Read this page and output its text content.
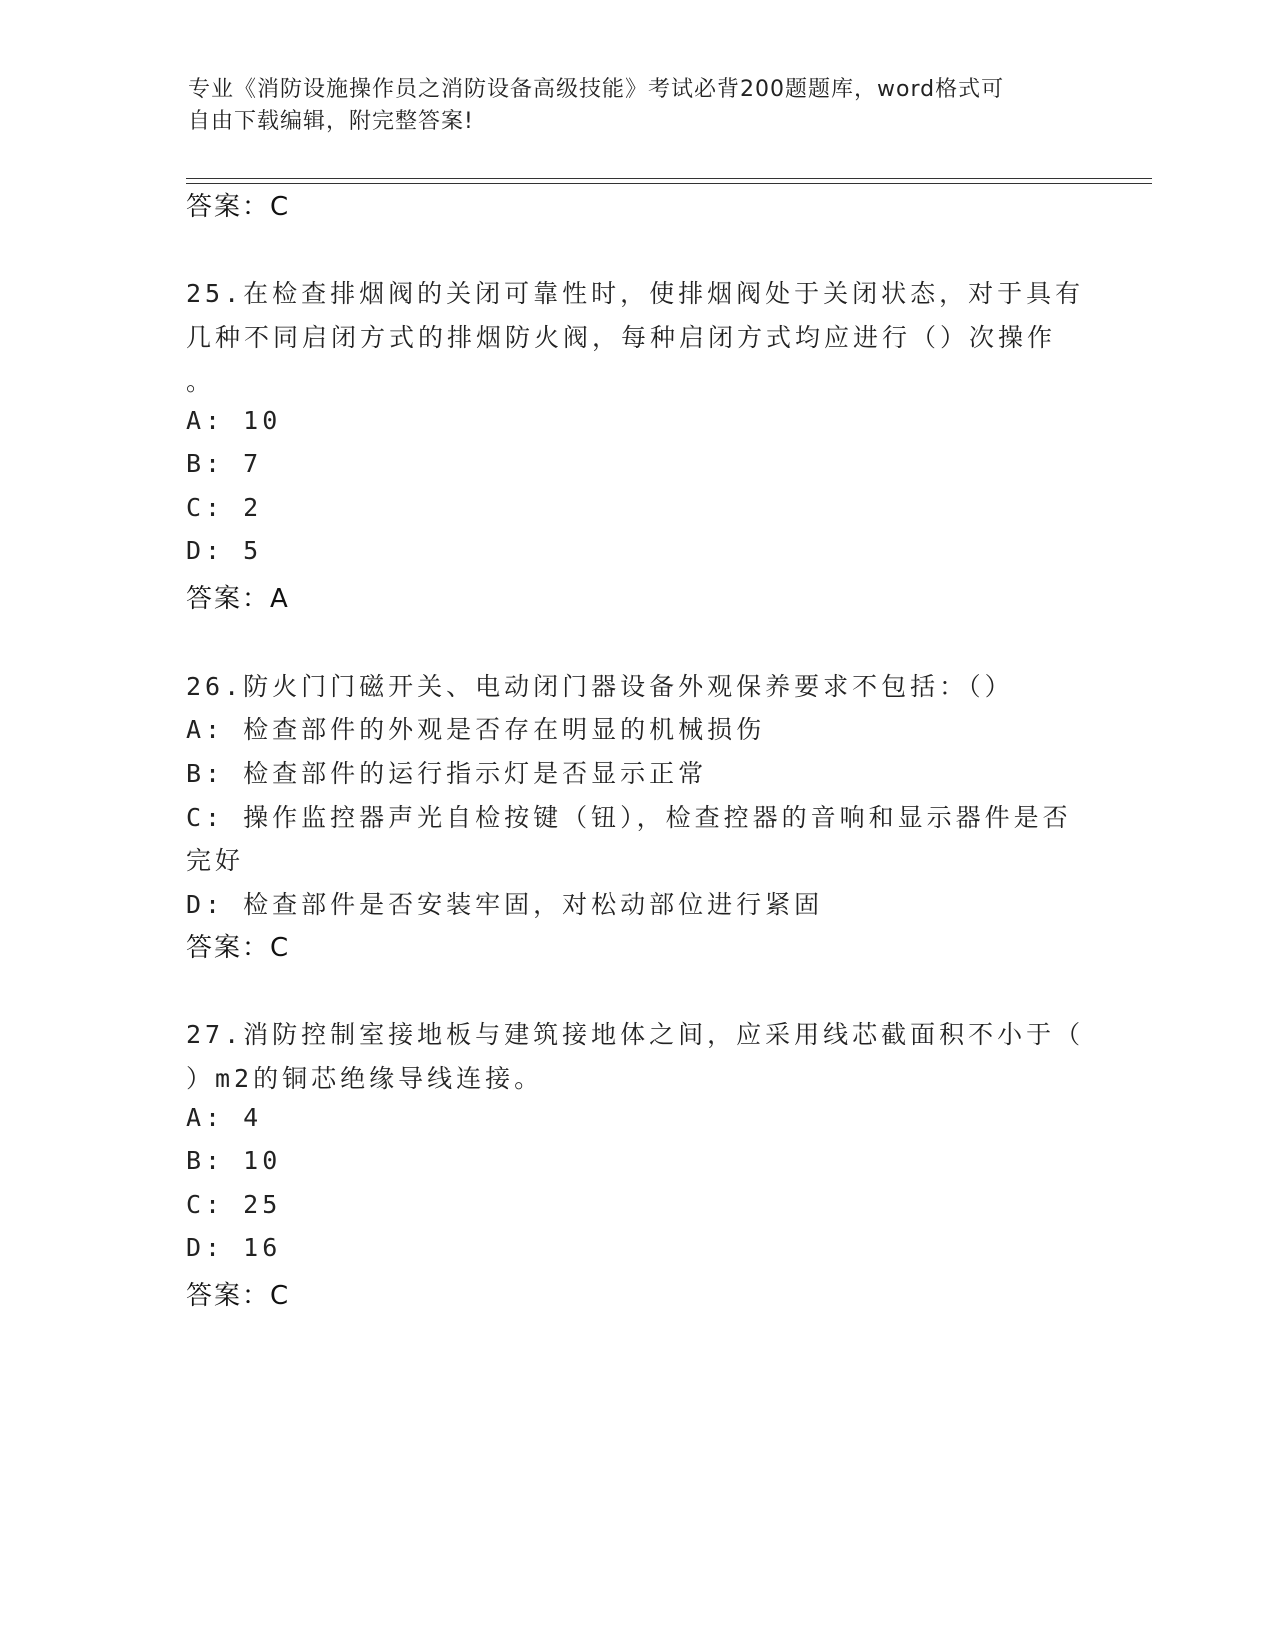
专业《消防设施操作员之消防设备高级技能》考试必背200题题库，word格式可
自由下载编辑，附完整答案!
答案：C
25.在检查排烟阀的关闭可靠性时，使排烟阀处于关闭状态，对于具有
几种不同启闭方式的排烟防火阀，每种启闭方式均应进行（）次操作
。
A: 10
B: 7
C: 2
D: 5
答案：A
26.防火门门磁开关、电动闭门器设备外观保养要求不包括：（）
A: 检查部件的外观是否存在明显的机械损伤
B: 检查部件的运行指示灯是否显示正常
C: 操作监控器声光自检按键（钮），检查控器的音响和显示器件是否
完好
D: 检查部件是否安装牢固，对松动部位进行紧固
答案：C
27.消防控制室接地板与建筑接地体之间，应采用线芯截面积不小于（
）m2的铜芯绝缘导线连接。
A: 4
B: 10
C: 25
D: 16
答案：C
